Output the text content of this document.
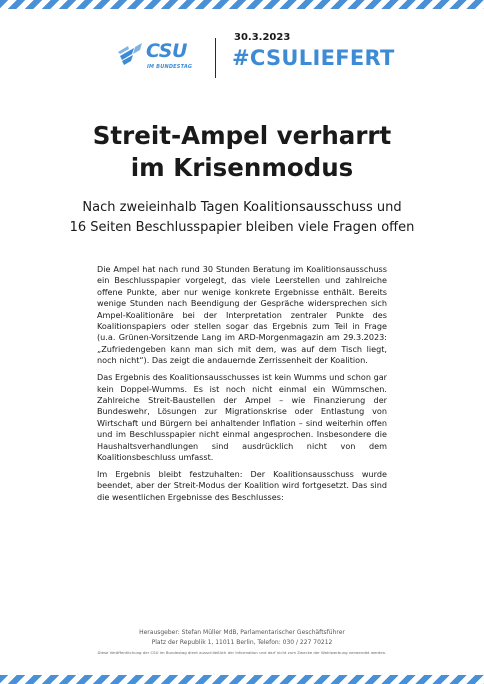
CSU
IM BUNDESTAG
30.3.2023
#CSULIEFERT
Streit-Ampel verharrt
im Krisenmodus
Nach zweieinhalb Tagen Koalitionsausschuss und
16 Seiten Beschlusspapier bleiben viele Fragen offen

Die Ampel hat nach rund 30 Stunden Beratung im Koalitionsausschuss ein Beschlusspapier vorgelegt, das viele Leerstellen und zahlreiche offene Punkte, aber nur wenige konkrete Ergebnisse enthält. Bereits wenige Stunden nach Beendigung der Gespräche widersprechen sich Ampel-Koalitionäre bei der Interpretation zentraler Punkte des Koalitionspapiers oder stellen sogar das Ergebnis zum Teil in Frage (u.a. Grünen-Vorsitzende Lang im ARD-Morgenmagazin am 29.3.2023: „Zufriedengeben kann man sich mit dem, was auf dem Tisch liegt, noch nicht“). Das zeigt die andauernde Zerrissenheit der Koalition.

Das Ergebnis des Koalitionsausschusses ist kein Wumms und schon gar kein Doppel-Wumms. Es ist noch nicht einmal ein Wümmschen. Zahlreiche Streit-Baustellen der Ampel – wie Finanzierung der Bundeswehr, Lösungen zur Migrationskrise oder Entlastung von Wirtschaft und Bürgern bei anhaltender Inflation – sind weiterhin offen und im Beschlusspapier nicht einmal angesprochen. Insbesondere die Haushaltsverhandlungen sind ausdrücklich nicht von dem Koalitionsbeschluss umfasst.

Im Ergebnis bleibt festzuhalten: Der Koalitionsausschuss wurde beendet, aber der Streit-Modus der Koalition wird fortgesetzt. Das sind die wesentlichen Ergebnisse des Beschlusses:

Herausgeber: Stefan Müller MdB, Parlamentarischer Geschäftsführer
Platz der Republik 1, 11011 Berlin, Telefon: 030 / 227 70212
Diese Veröffentlichung der CSU im Bundestag dient ausschließlich der Information und darf nicht zum Zwecke der Wahlwerbung verwendet werden.
